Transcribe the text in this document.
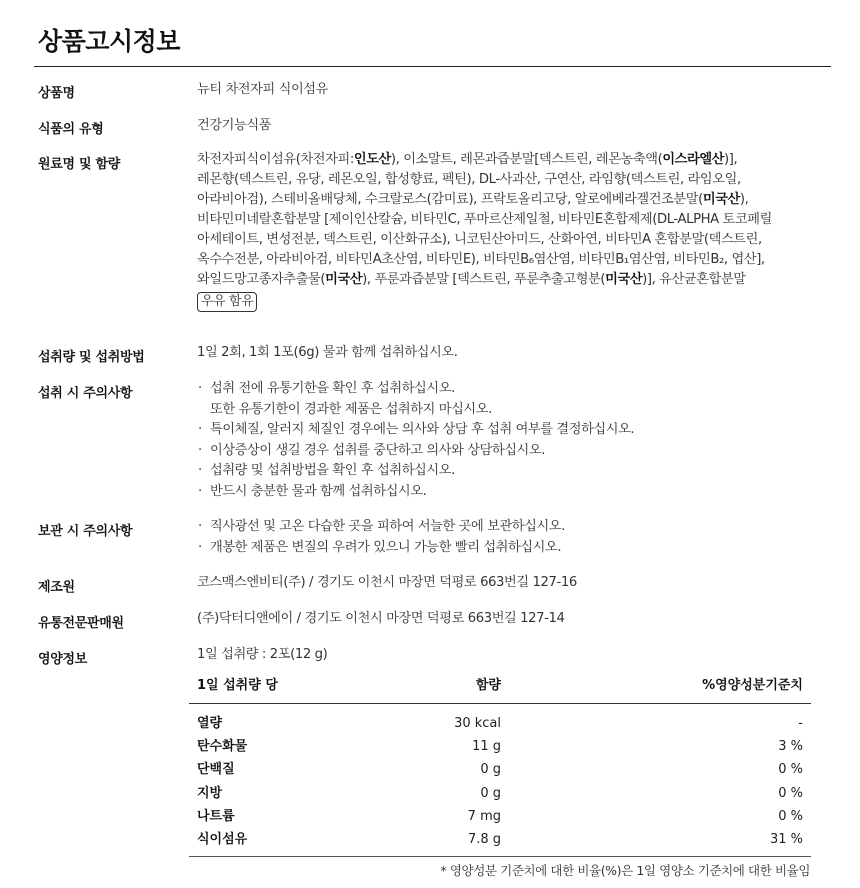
상품고시정보
상품명	뉴티 차전자피 식이섬유
식품의 유형	건강기능식품
원료명 및 함량	차전자피식이섬유(차전자피:인도산), 이소말트, 레몬과즙분말[덱스트린, 레몬농축액(이스라엘산)],
레몬향(덱스트린, 유당, 레몬오일, 합성향료, 펙틴), DL-사과산, 구연산, 라임향(덱스트린, 라임오일,
아라비아검), 스테비올배당체, 수크랄로스(감미료), 프락토올리고당, 알로에베라겔건조분말(미국산),
비타민미네랄혼합분말 [제이인산칼슘, 비타민C, 푸마르산제일철, 비타민E혼합제제(DL-ALPHA 토코페릴
아세테이트, 변성전분, 덱스트린, 이산화규소), 니코틴산아미드, 산화아연, 비타민A 혼합분말(덱스트린,
옥수수전분, 아라비아검, 비타민A초산염, 비타민E), 비타민B₆염산염, 비타민B₁염산염, 비타민B₂, 엽산],
와일드망고종자추출물(미국산), 푸룬과즙분말 [덱스트린, 푸룬추출고형분(미국산)], 유산균혼합분말
우유 함유
섭취량 및 섭취방법	1일 2회, 1회 1포(6g) 물과 함께 섭취하십시오.
섭취 시 주의사항	· 섭취 전에 유통기한을 확인 후 섭취하십시오.
또한 유통기한이 경과한 제품은 섭취하지 마십시오.
· 특이체질, 알러지 체질인 경우에는 의사와 상담 후 섭취 여부를 결정하십시오.
· 이상증상이 생길 경우 섭취를 중단하고 의사와 상담하십시오.
· 섭취량 및 섭취방법을 확인 후 섭취하십시오.
· 반드시 충분한 물과 함께 섭취하십시오.
보관 시 주의사항	· 직사광선 및 고온 다습한 곳을 피하여 서늘한 곳에 보관하십시오.
· 개봉한 제품은 변질의 우려가 있으니 가능한 빨리 섭취하십시오.
제조원	코스맥스엔비티(주) / 경기도 이천시 마장면 덕평로 663번길 127-16
유통전문판매원	(주)닥터디앤에이 / 경기도 이천시 마장면 덕평로 663번길 127-14
영양정보	1일 섭취량 : 2포(12 g)
1일 섭취량 당	함량	%영양성분기준치
열량	30 kcal	-
탄수화물	11 g	3 %
단백질	0 g	0 %
지방	0 g	0 %
나트륨	7 mg	0 %
식이섬유	7.8 g	31 %
* 영양성분 기준치에 대한 비율(%)은 1일 영양소 기준치에 대한 비율임
